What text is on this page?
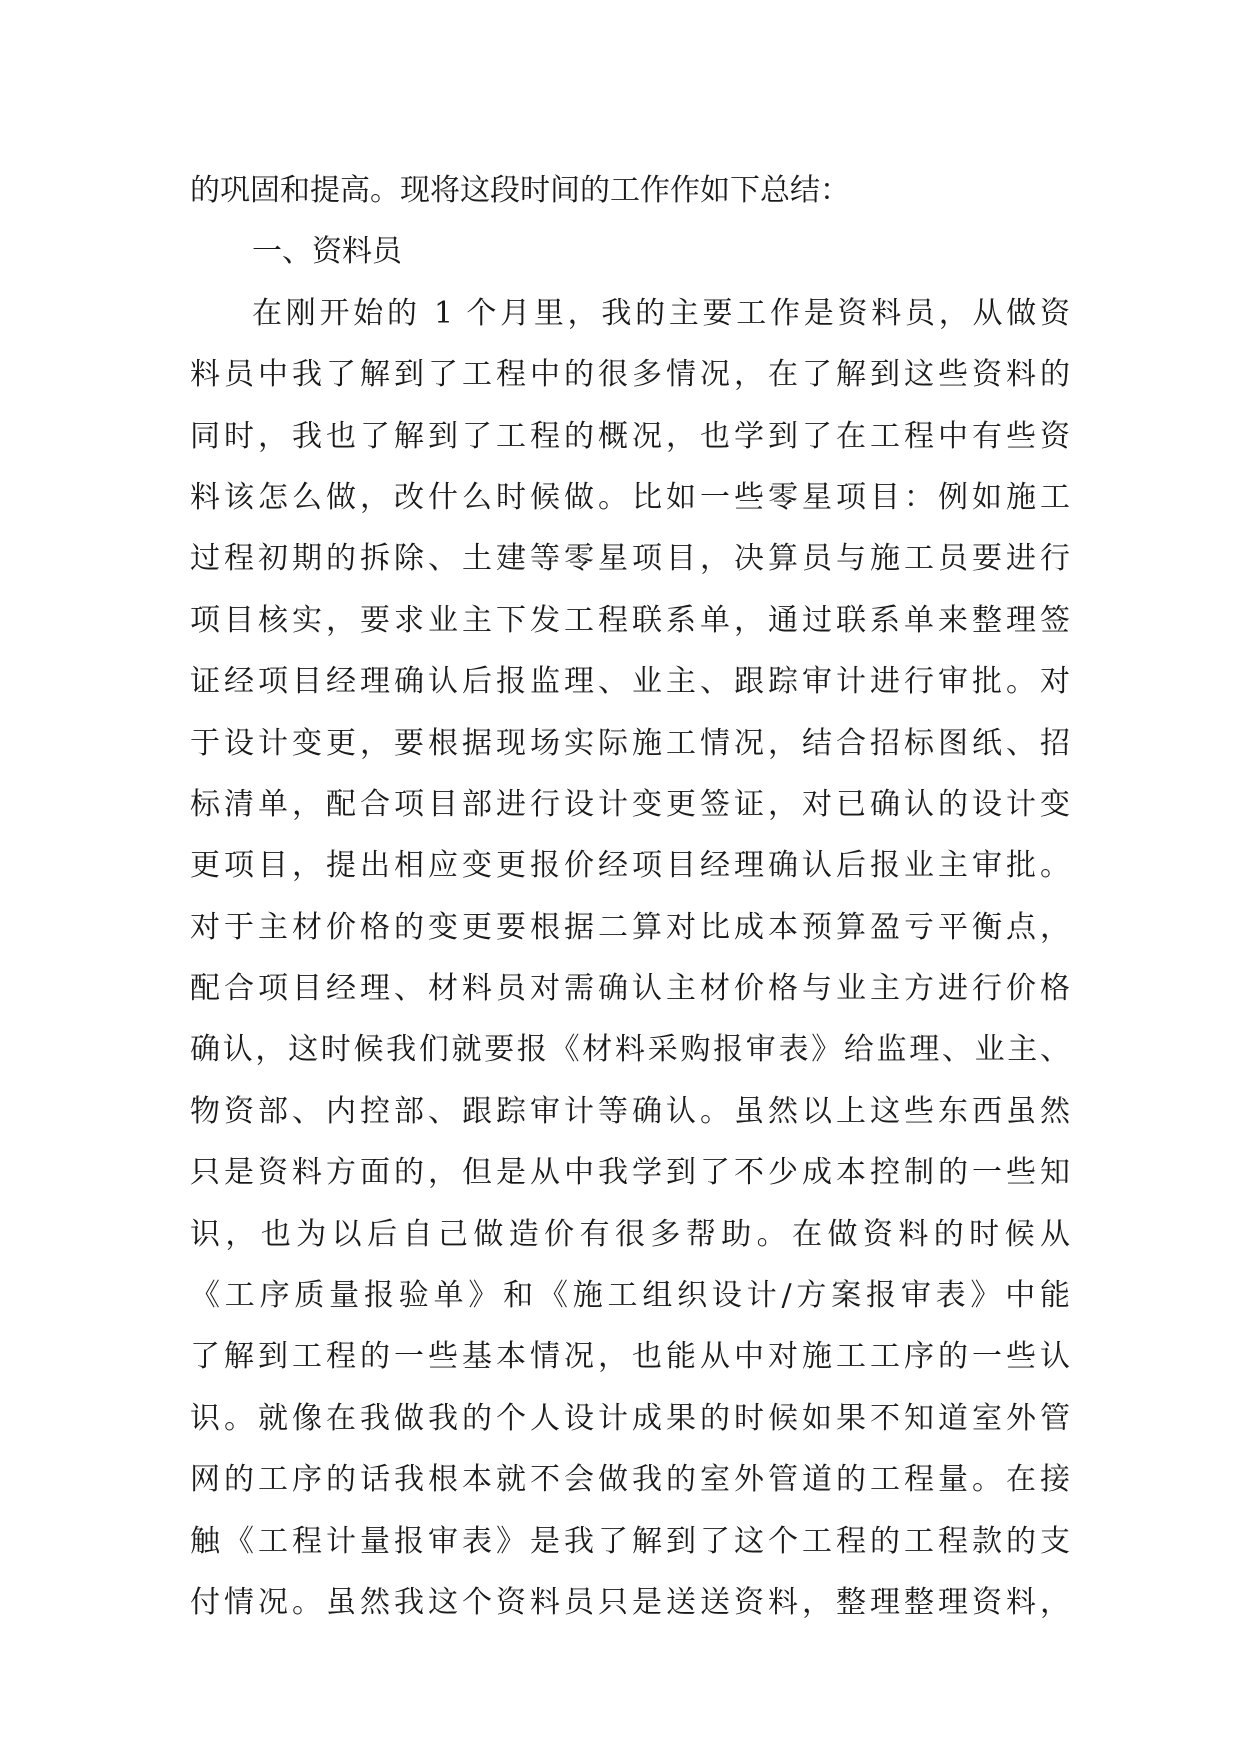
的巩固和提高。现将这段时间的工作作如下总结：
一、资料员
在刚开始的 1 个月里，我的主要工作是资料员，从做资
料员中我了解到了工程中的很多情况，在了解到这些资料的
同时，我也了解到了工程的概况，也学到了在工程中有些资
料该怎么做，改什么时候做。比如一些零星项目：例如施工
过程初期的拆除、土建等零星项目，决算员与施工员要进行
项目核实，要求业主下发工程联系单，通过联系单来整理签
证经项目经理确认后报监理、业主、跟踪审计进行审批。对
于设计变更，要根据现场实际施工情况，结合招标图纸、招
标清单，配合项目部进行设计变更签证，对已确认的设计变
更项目，提出相应变更报价经项目经理确认后报业主审批。
对于主材价格的变更要根据二算对比成本预算盈亏平衡点，
配合项目经理、材料员对需确认主材价格与业主方进行价格
确认，这时候我们就要报《材料采购报审表》给监理、业主、
物资部、内控部、跟踪审计等确认。虽然以上这些东西虽然
只是资料方面的，但是从中我学到了不少成本控制的一些知
识，也为以后自己做造价有很多帮助。在做资料的时候从
《工序质量报验单》和《施工组织设计/方案报审表》中能
了解到工程的一些基本情况，也能从中对施工工序的一些认
识。就像在我做我的个人设计成果的时候如果不知道室外管
网的工序的话我根本就不会做我的室外管道的工程量。在接
触《工程计量报审表》是我了解到了这个工程的工程款的支
付情况。虽然我这个资料员只是送送资料，整理整理资料，
